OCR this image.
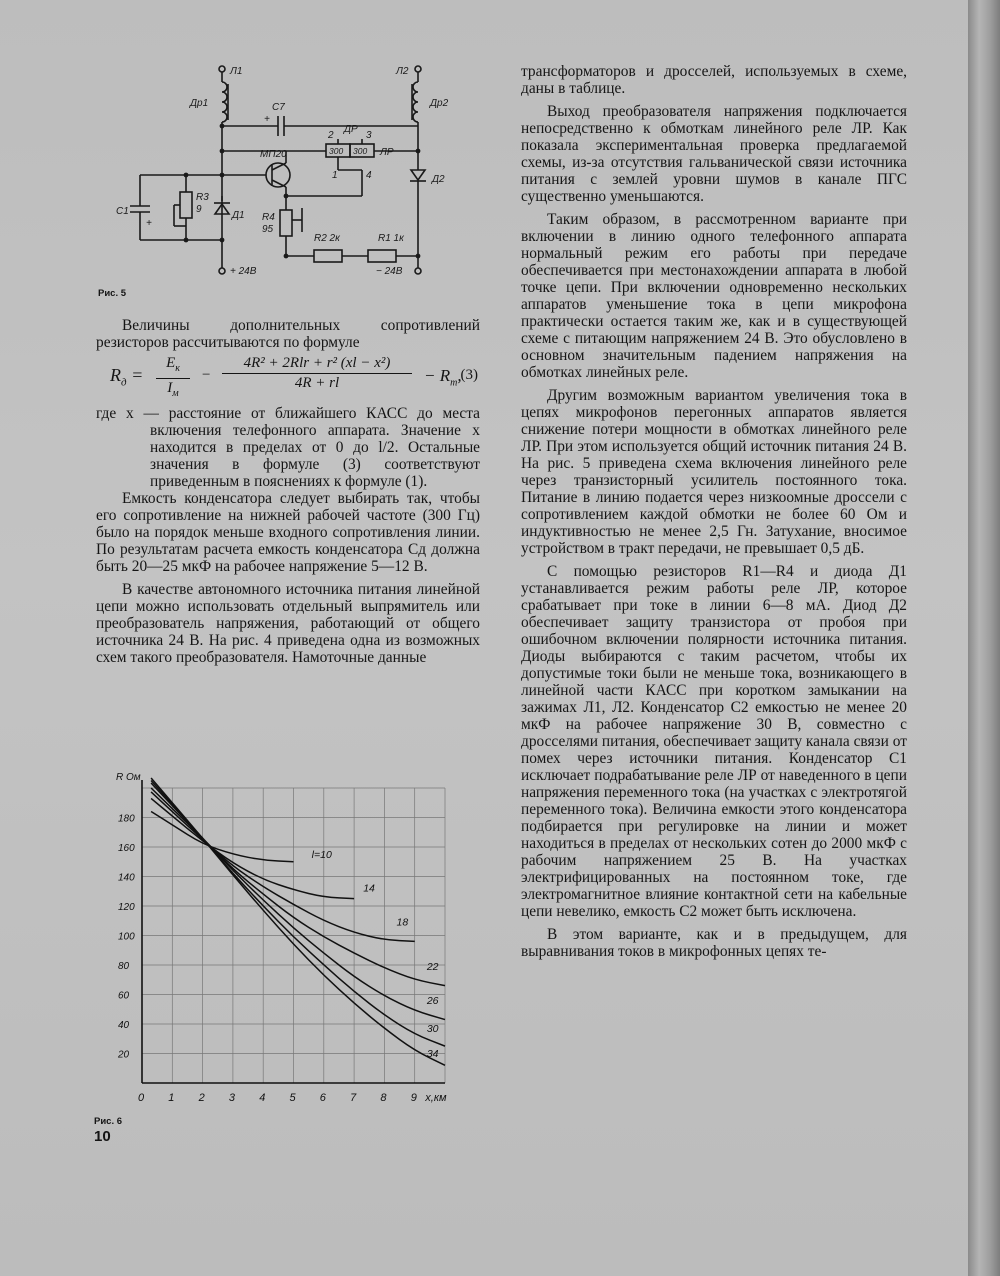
Л1	Л2
Др1	Др2
С7
+
ДР
2	3
300 300 ЛР
1	4
МП20
R3
9
Д1 R4
95
С1
+
Д2
R2 2к	R1 1к
+ 24В	− 24В
Рис. 5

Величины дополнительных сопротивлений резисторов рассчитываются по формуле

$R_д$ =
$E_к$
$I_м$
−
4R² + 2Rlr + r² (xl − x²)
4R + rl	− $R_т$,
(3)

где x — расстояние от ближайшего КАСС до места включения телефонного аппарата. Значение x находится в пределах от 0 до l/2. Остальные значения в формуле (3) соответствуют приведенным в пояснениях к формуле (1).

Емкость конденсатора следует выбирать так, чтобы его сопротивление на нижней рабочей частоте (300 Гц) было на порядок меньше входного сопротивления линии. По результатам расчета емкость конденсатора Сд должна быть 20—25 мкФ на рабочее напряжение 5—12 В.

В качестве автономного источника питания линейной цепи можно использовать отдельный выпрямитель или преобразователь напряжения, работающий от общего источника 24 В. На рис. 4 приведена одна из возможных схем такого преобразователя. Намоточные данные

0 1 2 3 4 5 6 7 8 9
20
40
60
80
100
120
140
160
180
R Ом
х,км
l=10
14
18
22
26
30
34
Рис. 6
10

трансформаторов и дросселей, используемых в схеме, даны в таблице.

Выход преобразователя напряжения подключается непосредственно к обмоткам линейного реле ЛР. Как показала экспериментальная проверка предлагаемой схемы, из-за отсутствия гальванической связи источника питания с землей уровни шумов в канале ПГС существенно уменьшаются.

Таким образом, в рассмотренном варианте при включении в линию одного телефонного аппарата нормальный режим его работы при передаче обеспечивается при местонахождении аппарата в любой точке цепи. При включении одновременно нескольких аппаратов уменьшение тока в цепи микрофона практически остается таким же, как и в существующей схеме с питающим напряжением 24 В. Это обусловлено в основном значительным падением напряжения на обмотках линейных реле.

Другим возможным вариантом увеличения тока в цепях микрофонов перегонных аппаратов является снижение потери мощности в обмотках линейного реле ЛР. При этом используется общий источник питания 24 В. На рис. 5 приведена схема включения линейного реле через транзисторный усилитель постоянного тока. Питание в линию подается через низкоомные дроссели с сопротивлением каждой обмотки не более 60 Ом и индуктивностью не менее 2,5 Гн. Затухание, вносимое устройством в тракт передачи, не превышает 0,5 дБ.

С помощью резисторов R1—R4 и диода Д1 устанавливается режим работы реле ЛР, которое срабатывает при токе в линии 6—8 мА. Диод Д2 обеспечивает защиту транзистора от пробоя при ошибочном включении полярности источника питания. Диоды выбираются с таким расчетом, чтобы их допустимые токи были не меньше тока, возникающего в линейной части КАСС при коротком замыкании на зажимах Л1, Л2. Конденсатор С2 емкостью не менее 20 мкФ на рабочее напряжение 30 В, совместно с дросселями питания, обеспечивает защиту канала связи от помех через источники питания. Конденсатор С1 исключает подрабатывание реле ЛР от наведенного в цепи напряжения переменного тока (на участках с электротягой переменного тока). Величина емкости этого конденсатора подбирается при регулировке на линии и может находиться в пределах от нескольких сотен до 2000 мкФ с рабочим напряжением 25 В. На участках электрифицированных на постоянном токе, где электромагнитное влияние контактной сети на кабельные цепи невелико, емкость С2 может быть исключена.

В этом варианте, как и в предыдущем, для выравнивания токов в микрофонных цепях те-
